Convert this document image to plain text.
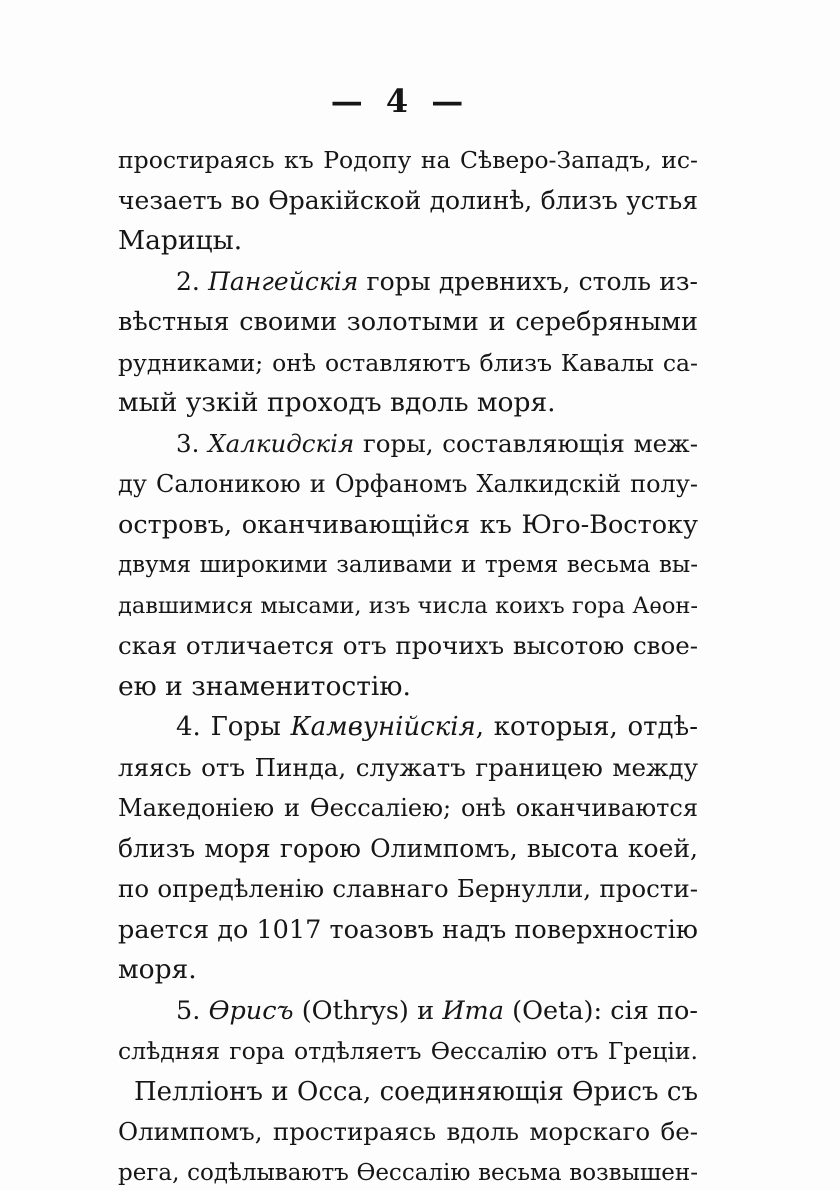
— 4 —
простираясь къ Родопу на Сѣверо-Западъ, ис-
чезаетъ во Ѳракійской долинѣ, близъ устья
Марицы.
2. Пангейскія горы древнихъ, столь из-
вѣстныя своими золотыми и серебряными
рудниками; онѣ оставляютъ близъ Кавалы са-
мый узкій проходъ вдоль моря.
3. Халкидскія горы, составляющія меж-
ду Салоникою и Орфаномъ Халкидскій полу-
островъ, оканчивающійся къ Юго-Востоку
двумя широкими заливами и тремя весьма вы-
давшимися мысами, изъ числа коихъ гора Аѳон-
ская отличается отъ прочихъ высотою свое-
ею и знаменитостію.
4. Горы Камвунійскія, которыя, отдѣ-
ляясь отъ Пинда, служатъ границею между
Македоніею и Ѳессаліею; онѣ оканчиваются
близъ моря горою Олимпомъ, высота коей,
по опредѣленію славнаго Бернулли, прости-
рается до 1017 тоазовъ надъ поверхностію
моря.
5. Ѳрисъ (Othrys) и Ита (Oeta): сія по-
слѣдняя гора отдѣляетъ Ѳессалію отъ Греціи.
Пелліонъ и Осса, соединяющія Ѳрисъ съ
Олимпомъ, простираясь вдоль морскаго бе-
рега, содѣлываютъ Ѳессалію весьма возвышен-
